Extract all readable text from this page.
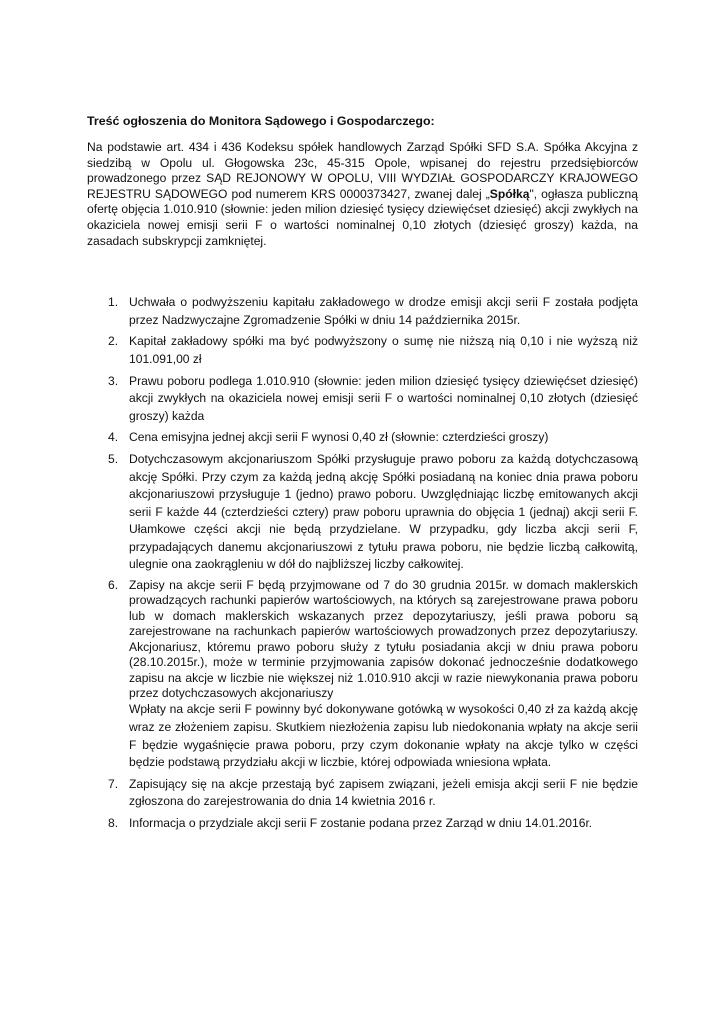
Treść ogłoszenia do Monitora Sądowego i Gospodarczego:
Na podstawie art. 434 i 436 Kodeksu spółek handlowych Zarząd Spółki SFD S.A. Spółka Akcyjna z siedzibą w Opolu ul. Głogowska 23c, 45-315 Opole, wpisanej do rejestru przedsiębiorców prowadzonego przez SĄD REJONOWY W OPOLU, VIII WYDZIAŁ GOSPODARCZY KRAJOWEGO REJESTRU SĄDOWEGO pod numerem KRS 0000373427, zwanej dalej „Spółką", ogłasza publiczną ofertę objęcia 1.010.910 (słownie: jeden milion dziesięć tysięcy dziewięćset dziesięć) akcji zwykłych na okaziciela nowej emisji serii F o wartości nominalnej 0,10 złotych (dziesięć groszy) każda, na zasadach subskrypcji zamkniętej.
1. Uchwała o podwyższeniu kapitału zakładowego w drodze emisji akcji serii F została podjęta przez Nadzwyczajne Zgromadzenie Spółki w dniu 14 października 2015r.
2. Kapitał zakładowy spółki ma być podwyższony o sumę nie niższą nią 0,10 i nie wyższą niż 101.091,00 zł
3. Prawu poboru podlega 1.010.910 (słownie: jeden milion dziesięć tysięcy dziewięćset dziesięć) akcji zwykłych na okaziciela nowej emisji serii F o wartości nominalnej 0,10 złotych (dziesięć groszy) każda
4. Cena emisyjna jednej akcji serii F wynosi 0,40 zł (słownie: czterdzieści groszy)
5. Dotychczasowym akcjonariuszom Spółki przysługuje prawo poboru za każdą dotychczasową akcję Spółki. Przy czym za każdą jedną akcję Spółki posiadaną na koniec dnia prawa poboru akcjonariuszowi przysługuje 1 (jedno) prawo poboru. Uwzględniając liczbę emitowanych akcji serii F każde 44 (czterdzieści cztery) praw poboru uprawnia do objęcia 1 (jednaj) akcji serii F. Ułamkowe części akcji nie będą przydzielane. W przypadku, gdy liczba akcji serii F, przypadających danemu akcjonariuszowi z tytułu prawa poboru, nie będzie liczbą całkowitą, ulegnie ona zaokrągleniu w dół do najbliższej liczby całkowitej.
6. Zapisy na akcje serii F będą przyjmowane od 7 do 30 grudnia 2015r. w domach maklerskich prowadzących rachunki papierów wartościowych, na których są zarejestrowane prawa poboru lub w domach maklerskich wskazanych przez depozytariuszy, jeśli prawa poboru są zarejestrowane na rachunkach papierów wartościowych prowadzonych przez depozytariuszy. Akcjonariusz, któremu prawo poboru służy z tytułu posiadania akcji w dniu prawa poboru (28.10.2015r.), może w terminie przyjmowania zapisów dokonać jednocześnie dodatkowego zapisu na akcje w liczbie nie większej niż 1.010.910 akcji w razie niewykonania prawa poboru przez dotychczasowych akcjonariuszy
Wpłaty na akcje serii F powinny być dokonywane gotówką w wysokości 0,40 zł za każdą akcję wraz ze złożeniem zapisu. Skutkiem niezłożenia zapisu lub niedokonania wpłaty na akcje serii F będzie wygaśnięcie prawa poboru, przy czym dokonanie wpłaty na akcje tylko w części będzie podstawą przydziału akcji w liczbie, której odpowiada wniesiona wpłata.
7. Zapisujący się na akcje przestają być zapisem związani, jeżeli emisja akcji serii F nie będzie zgłoszona do zarejestrowania do dnia 14 kwietnia 2016 r.
8. Informacja o przydziale akcji serii F zostanie podana przez Zarząd w dniu 14.01.2016r.
